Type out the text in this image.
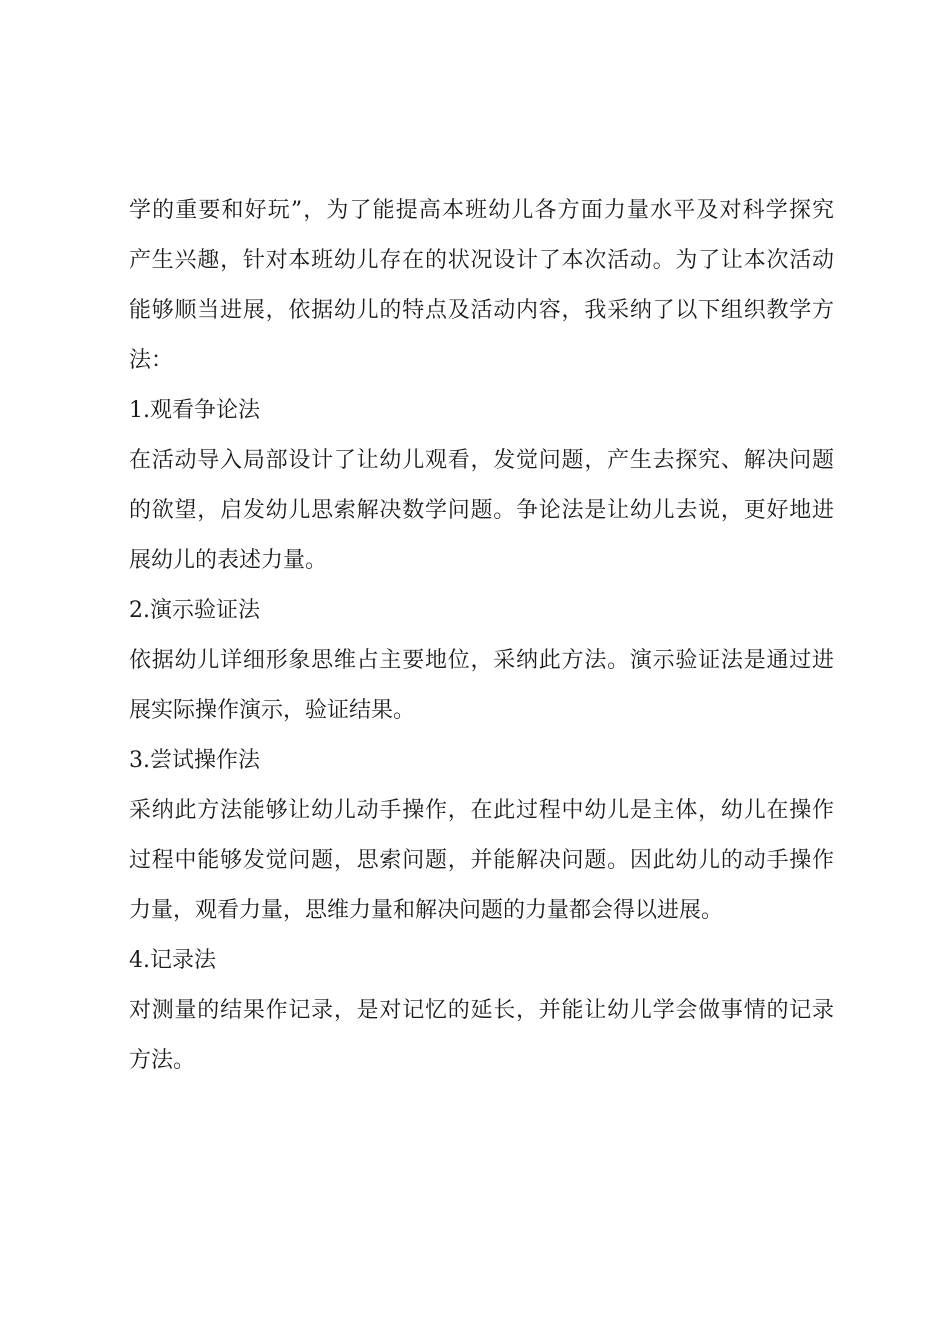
学的重要和好玩”，为了能提高本班幼儿各方面力量水平及对科学探究
产生兴趣，针对本班幼儿存在的状况设计了本次活动。为了让本次活动
能够顺当进展，依据幼儿的特点及活动内容，我采纳了以下组织教学方
法：
1.观看争论法
在活动导入局部设计了让幼儿观看，发觉问题，产生去探究、解决问题
的欲望，启发幼儿思索解决数学问题。争论法是让幼儿去说，更好地进
展幼儿的表述力量。
2.演示验证法
依据幼儿详细形象思维占主要地位，采纳此方法。演示验证法是通过进
展实际操作演示，验证结果。
3.尝试操作法
采纳此方法能够让幼儿动手操作，在此过程中幼儿是主体，幼儿在操作
过程中能够发觉问题，思索问题，并能解决问题。因此幼儿的动手操作
力量，观看力量，思维力量和解决问题的力量都会得以进展。
4.记录法
对测量的结果作记录，是对记忆的延长，并能让幼儿学会做事情的记录
方法。
